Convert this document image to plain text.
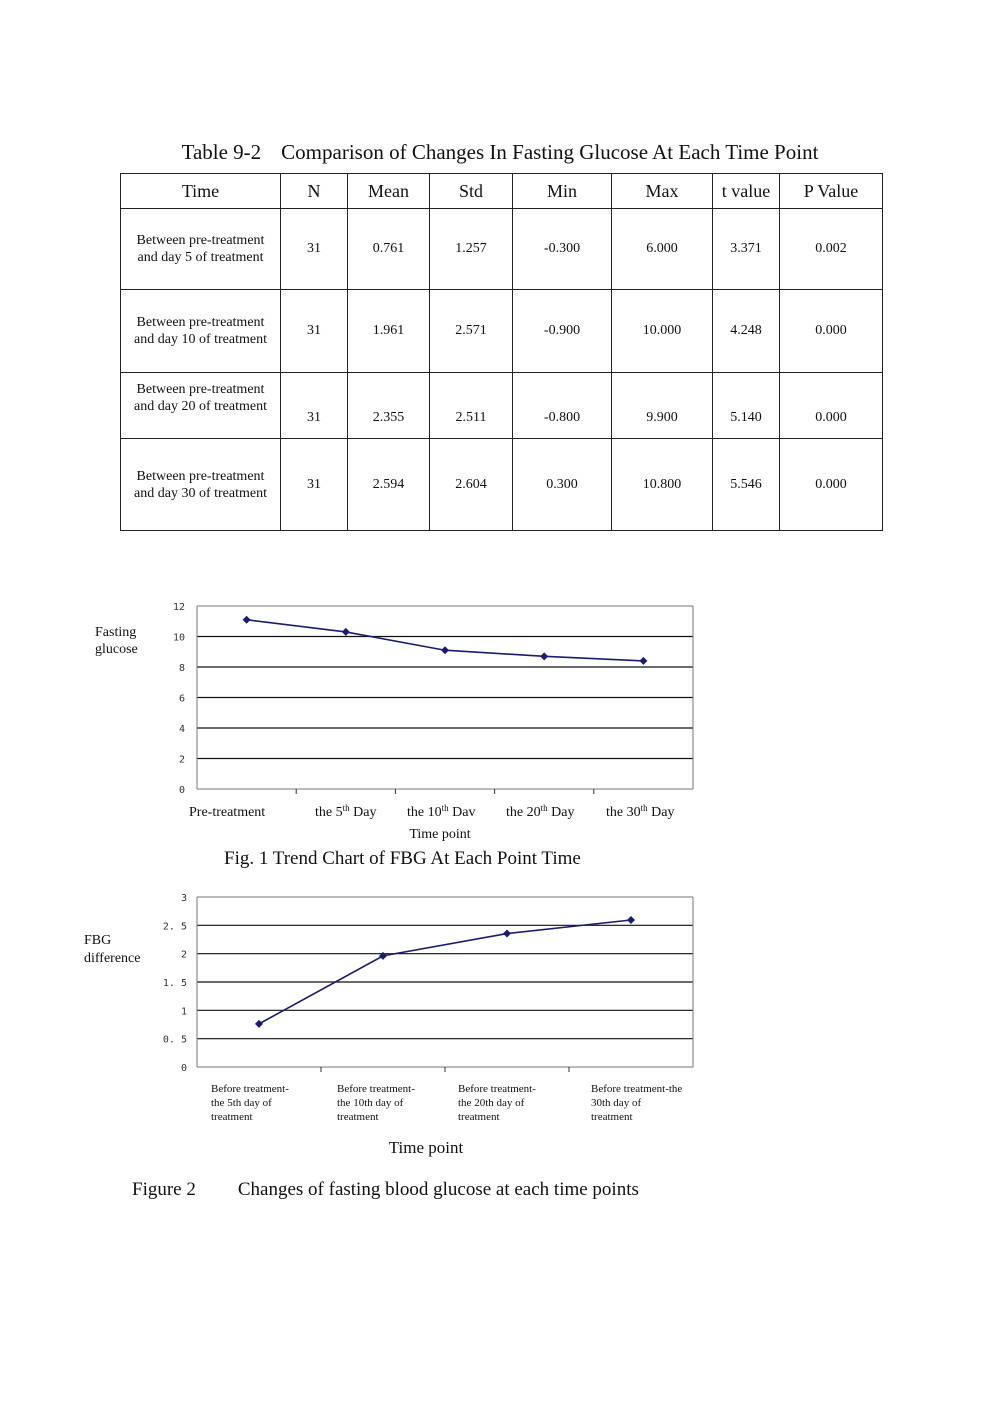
Table 9-2 Comparison of Changes In Fasting Glucose At Each Time Point
Time	N	Mean	Std	Min	Max	t value	P Value
Between pre-treatment
and day 5 of treatment	31	0.761	1.257	-0.300	6.000	3.371	0.002
Between pre-treatment
and day 10 of treatment	31	1.961	2.571	-0.900	10.000	4.248	0.000
Between pre-treatment
and day 20 of treatment	31	2.355	2.511	-0.800	9.900	5.140	0.000
Between pre-treatment
and day 30 of treatment	31	2.594	2.604	0.300	10.800	5.546	0.000
0
2
4
6
8
10
12
Fasting
glucose
Pre-treatment	the 5th Day the 10th Dav the 20th Day the 30th Day
Time point
0
0. 5
1
1. 5
2
2. 5
3
FBG
difference
Before treatment-
the 5th day of
treatment
Before treatment-
the 10th day of
treatment
Before treatment-
the 20th day of
treatment
Before treatment-the
30th day of
treatment
Time point
Fig. 1 Trend Chart of FBG At Each Point Time
Figure 2 Changes of fasting blood glucose at each time points
